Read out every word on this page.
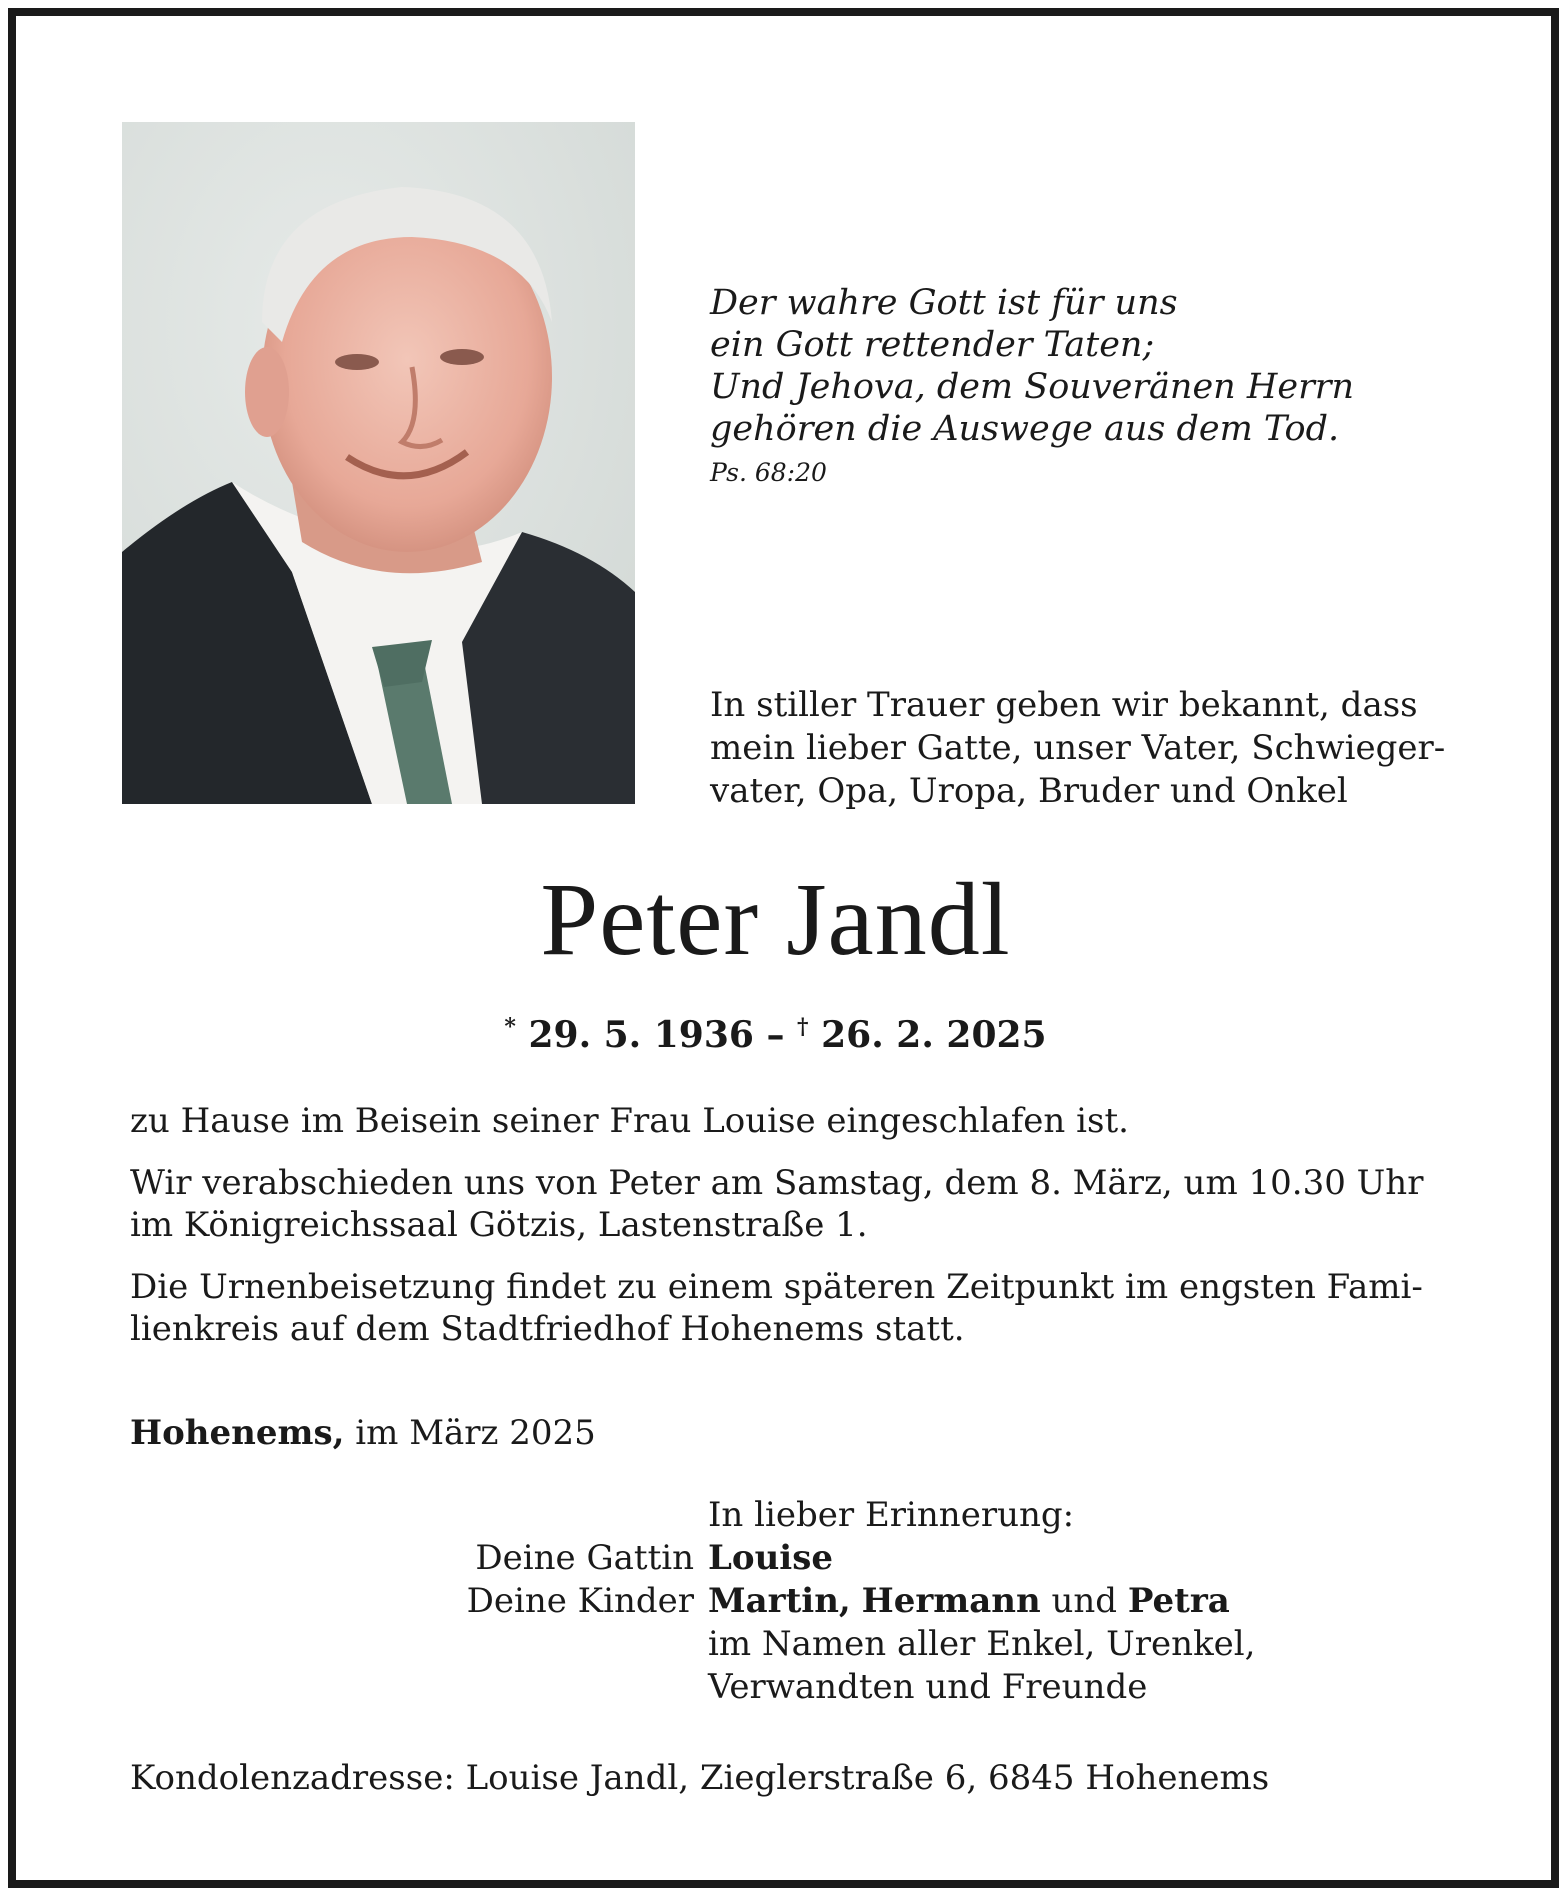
Der wahre Gott ist für uns
ein Gott rettender Taten;
Und Jehova, dem Souveränen Herrn
gehören die Auswege aus dem Tod.
Ps. 68:20
In stiller Trauer geben wir bekannt, dass
mein lieber Gatte, unser Vater, Schwieger-
vater, Opa, Uropa, Bruder und Onkel
Peter Jandl
* 29. 5. 1936 – † 26. 2. 2025
zu Hause im Beisein seiner Frau Louise eingeschlafen ist.
Wir verabschieden uns von Peter am Samstag, dem 8. März, um 10.30 Uhr
im Königreichssaal Götzis, Lastenstraße 1.
Die Urnenbeisetzung findet zu einem späteren Zeitpunkt im engsten Fami-
lienkreis auf dem Stadtfriedhof Hohenems statt.
Hohenems, im März 2025
In lieber Erinnerung:
Deine Gattin Louise
Deine Kinder Martin, Hermann und Petra
im Namen aller Enkel, Urenkel,
Verwandten und Freunde
Kondolenzadresse: Louise Jandl, Zieglerstraße 6, 6845 Hohenems
